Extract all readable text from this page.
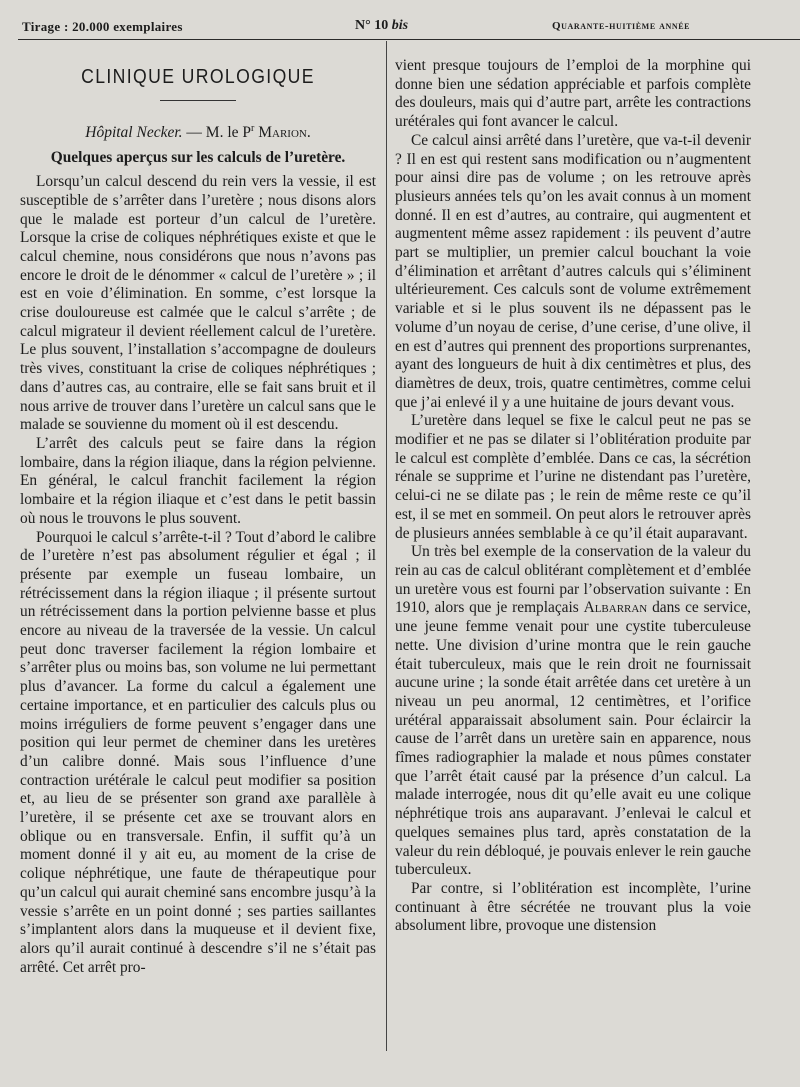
Tirage : 20.000 exemplaires	N° 10 bis	Quarante-huitième année
CLINIQUE UROLOGIQUE
Hôpital Necker. — M. le $P^r$ Marion.
Quelques aperçus sur les calculs de l’uretère.

Lorsqu’un calcul descend du rein vers la vessie, il est susceptible de s’arrêter dans l’uretère ; nous disons alors que le malade est porteur d’un calcul de l’uretère. Lorsque la crise de coliques néphrétiques existe et que le calcul chemine, nous considérons que nous n’avons pas encore le droit de le dénommer « calcul de l’uretère » ; il est en voie d’élimination. En somme, c’est lorsque la crise douloureuse est calmée que le calcul s’arrête ; de calcul migrateur il devient réellement calcul de l’uretère. Le plus souvent, l’installation s’accompagne de douleurs très vives, constituant la crise de coliques néphrétiques ; dans d’autres cas, au contraire, elle se fait sans bruit et il nous arrive de trouver dans l’uretère un calcul sans que le malade se souvienne du moment où il est descendu.

L’arrêt des calculs peut se faire dans la région lombaire, dans la région iliaque, dans la région pelvienne. En général, le calcul franchit facilement la région lombaire et la région iliaque et c’est dans le petit bassin où nous le trouvons le plus souvent.

Pourquoi le calcul s’arrête-t-il ? Tout d’abord le calibre de l’uretère n’est pas absolument régulier et égal ; il présente par exemple un fuseau lombaire, un rétrécissement dans la région iliaque ; il présente surtout un rétrécissement dans la portion pelvienne basse et plus encore au niveau de la traversée de la vessie. Un calcul peut donc traverser facilement la région lombaire et s’arrêter plus ou moins bas, son volume ne lui permettant plus d’avancer. La forme du calcul a également une certaine importance, et en particulier des calculs plus ou moins irréguliers de forme peuvent s’engager dans une position qui leur permet de cheminer dans les uretères d’un calibre donné. Mais sous l’influence d’une contraction urétérale le calcul peut modifier sa position et, au lieu de se présenter son grand axe parallèle à l’uretère, il se présente cet axe se trouvant alors en oblique ou en transversale. Enfin, il suffit qu’à un moment donné il y ait eu, au moment de la crise de colique néphrétique, une faute de thérapeutique pour qu’un calcul qui aurait cheminé sans encombre jusqu’à la vessie s’arrête en un point donné ; ses parties saillantes s’implantent alors dans la muqueuse et il devient fixe, alors qu’il aurait continué à descendre s’il ne s’était pas arrêté. Cet arrêt pro-

vient presque toujours de l’emploi de la morphine qui donne bien une sédation appréciable et parfois complète des douleurs, mais qui d’autre part, arrête les contractions urétérales qui font avancer le calcul.

Ce calcul ainsi arrêté dans l’uretère, que va-t-il devenir ? Il en est qui restent sans modification ou n’augmentent pour ainsi dire pas de volume ; on les retrouve après plusieurs années tels qu’on les avait connus à un moment donné. Il en est d’autres, au contraire, qui augmentent et augmentent même assez rapidement : ils peuvent d’autre part se multiplier, un premier calcul bouchant la voie d’élimination et arrêtant d’autres calculs qui s’éliminent ultérieurement. Ces calculs sont de volume extrêmement variable et si le plus souvent ils ne dépassent pas le volume d’un noyau de cerise, d’une cerise, d’une olive, il en est d’autres qui prennent des proportions surprenantes, ayant des longueurs de huit à dix centimètres et plus, des diamètres de deux, trois, quatre centimètres, comme celui que j’ai enlevé il y a une huitaine de jours devant vous.

L’uretère dans lequel se fixe le calcul peut ne pas se modifier et ne pas se dilater si l’oblitération produite par le calcul est complète d’emblée. Dans ce cas, la sécrétion rénale se supprime et l’urine ne distendant pas l’uretère, celui-ci ne se dilate pas ; le rein de même reste ce qu’il est, il se met en sommeil. On peut alors le retrouver après de plusieurs années semblable à ce qu’il était auparavant.

Un très bel exemple de la conservation de la valeur du rein au cas de calcul oblitérant complètement et d’emblée un uretère vous est fourni par l’observation suivante : En 1910, alors que je remplaçais Albarran dans ce service, une jeune femme venait pour une cystite tuberculeuse nette. Une division d’urine montra que le rein gauche était tuberculeux, mais que le rein droit ne fournissait aucune urine ; la sonde était arrêtée dans cet uretère à un niveau un peu anormal, 12 centimètres, et l’orifice urétéral apparaissait absolument sain. Pour éclaircir la cause de l’arrêt dans un uretère sain en apparence, nous fîmes radiographier la malade et nous pûmes constater que l’arrêt était causé par la présence d’un calcul. La malade interrogée, nous dit qu’elle avait eu une colique néphrétique trois ans auparavant. J’enlevai le calcul et quelques semaines plus tard, après constatation de la valeur du rein débloqué, je pouvais enlever le rein gauche tuberculeux.

Par contre, si l’oblitération est incomplète, l’urine continuant à être sécrétée ne trouvant plus la voie absolument libre, provoque une distension
